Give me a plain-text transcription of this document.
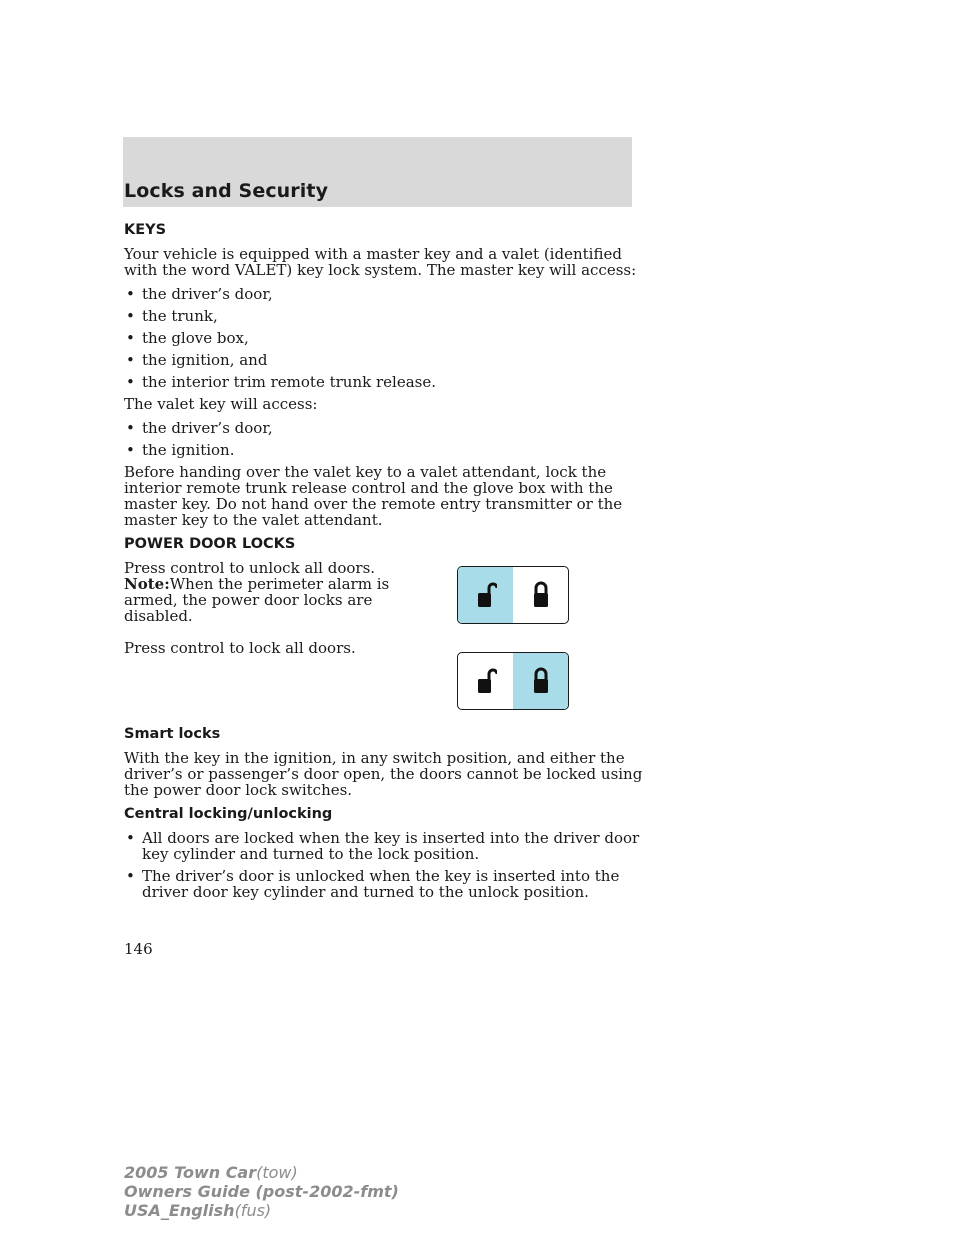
Locks and Security
KEYS

Your vehicle is equipped with a master key and a valet (identified with the word VALET) key lock system. The master key will access:

• the driver’s door,
• the trunk,
• the glove box,
• the ignition, and
• the interior trim remote trunk release.

The valet key will access:

• the driver’s door,
• the ignition.

Before handing over the valet key to a valet attendant, lock the interior remote trunk release control and the glove box with the master key. Do not hand over the remote entry transmitter or the master key to the valet attendant.

POWER DOOR LOCKS

Press control to unlock all doors.
Note:When the perimeter alarm is armed, the power door locks are disabled.

Press control to lock all doors.

Smart locks

With the key in the ignition, in any switch position, and either the driver’s or passenger’s door open, the doors cannot be locked using the power door lock switches.

Central locking/unlocking
• All doors are locked when the key is inserted into the driver door key cylinder and turned to the lock position.
• The driver’s door is unlocked when the key is inserted into the driver door key cylinder and turned to the unlock position.
146
2005 Town Car(tow)
Owners Guide (post-2002-fmt)
USA_English(fus)
